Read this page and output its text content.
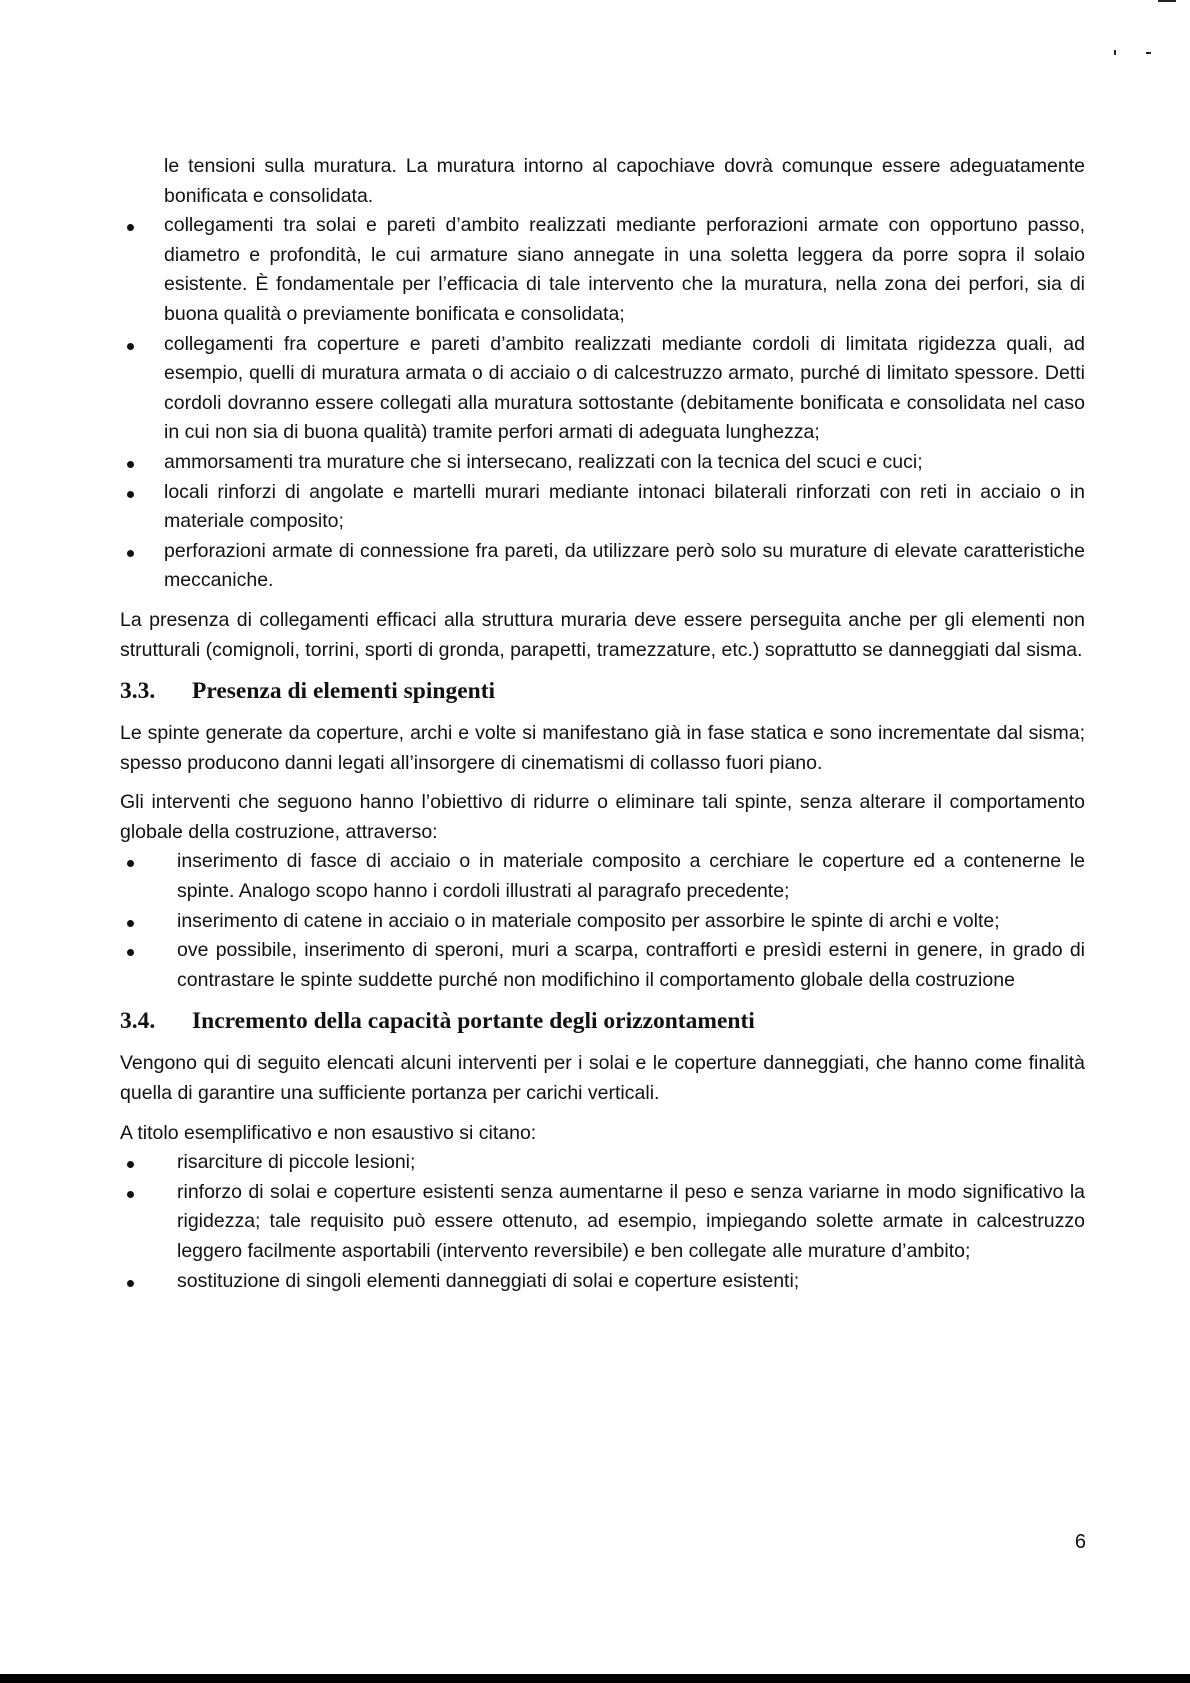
le tensioni sulla muratura. La muratura intorno al capochiave dovrà comunque essere adeguatamente bonificata e consolidata.

collegamenti tra solai e pareti d’ambito realizzati mediante perforazioni armate con opportuno passo, diametro e profondità, le cui armature siano annegate in una soletta leggera da porre sopra il solaio esistente. È fondamentale per l’efficacia di tale intervento che la muratura, nella zona dei perfori, sia di buona qualità o previamente bonificata e consolidata;
collegamenti fra coperture e pareti d’ambito realizzati mediante cordoli di limitata rigidezza quali, ad esempio, quelli di muratura armata o di acciaio o di calcestruzzo armato, purché di limitato spessore. Detti cordoli dovranno essere collegati alla muratura sottostante (debitamente bonificata e consolidata nel caso in cui non sia di buona qualità) tramite perfori armati di adeguata lunghezza;
ammorsamenti tra murature che si intersecano, realizzati con la tecnica del scuci e cuci;
locali rinforzi di angolate e martelli murari mediante intonaci bilaterali rinforzati con reti in acciaio o in materiale composito;
perforazioni armate di connessione fra pareti, da utilizzare però solo su murature di elevate caratteristiche meccaniche.

La presenza di collegamenti efficaci alla struttura muraria deve essere perseguita anche per gli elementi non strutturali (comignoli, torrini, sporti di gronda, parapetti, tramezzature, etc.) soprattutto se danneggiati dal sisma.

3.3. Presenza di elementi spingenti

Le spinte generate da coperture, archi e volte si manifestano già in fase statica e sono incrementate dal sisma; spesso producono danni legati all’insorgere di cinematismi di collasso fuori piano.

Gli interventi che seguono hanno l’obiettivo di ridurre o eliminare tali spinte, senza alterare il comportamento globale della costruzione, attraverso:

inserimento di fasce di acciaio o in materiale composito a cerchiare le coperture ed a contenerne le spinte. Analogo scopo hanno i cordoli illustrati al paragrafo precedente;
inserimento di catene in acciaio o in materiale composito per assorbire le spinte di archi e volte;
ove possibile, inserimento di speroni, muri a scarpa, contrafforti e presìdi esterni in genere, in grado di contrastare le spinte suddette purché non modifichino il comportamento globale della costruzione
3.4. Incremento della capacità portante degli orizzontamenti

Vengono qui di seguito elencati alcuni interventi per i solai e le coperture danneggiati, che hanno come finalità quella di garantire una sufficiente portanza per carichi verticali.

A titolo esemplificativo e non esaustivo si citano:

risarciture di piccole lesioni;
rinforzo di solai e coperture esistenti senza aumentarne il peso e senza variarne in modo significativo la rigidezza; tale requisito può essere ottenuto, ad esempio, impiegando solette armate in calcestruzzo leggero facilmente asportabili (intervento reversibile) e ben collegate alle murature d’ambito;
sostituzione di singoli elementi danneggiati di solai e coperture esistenti;
6
